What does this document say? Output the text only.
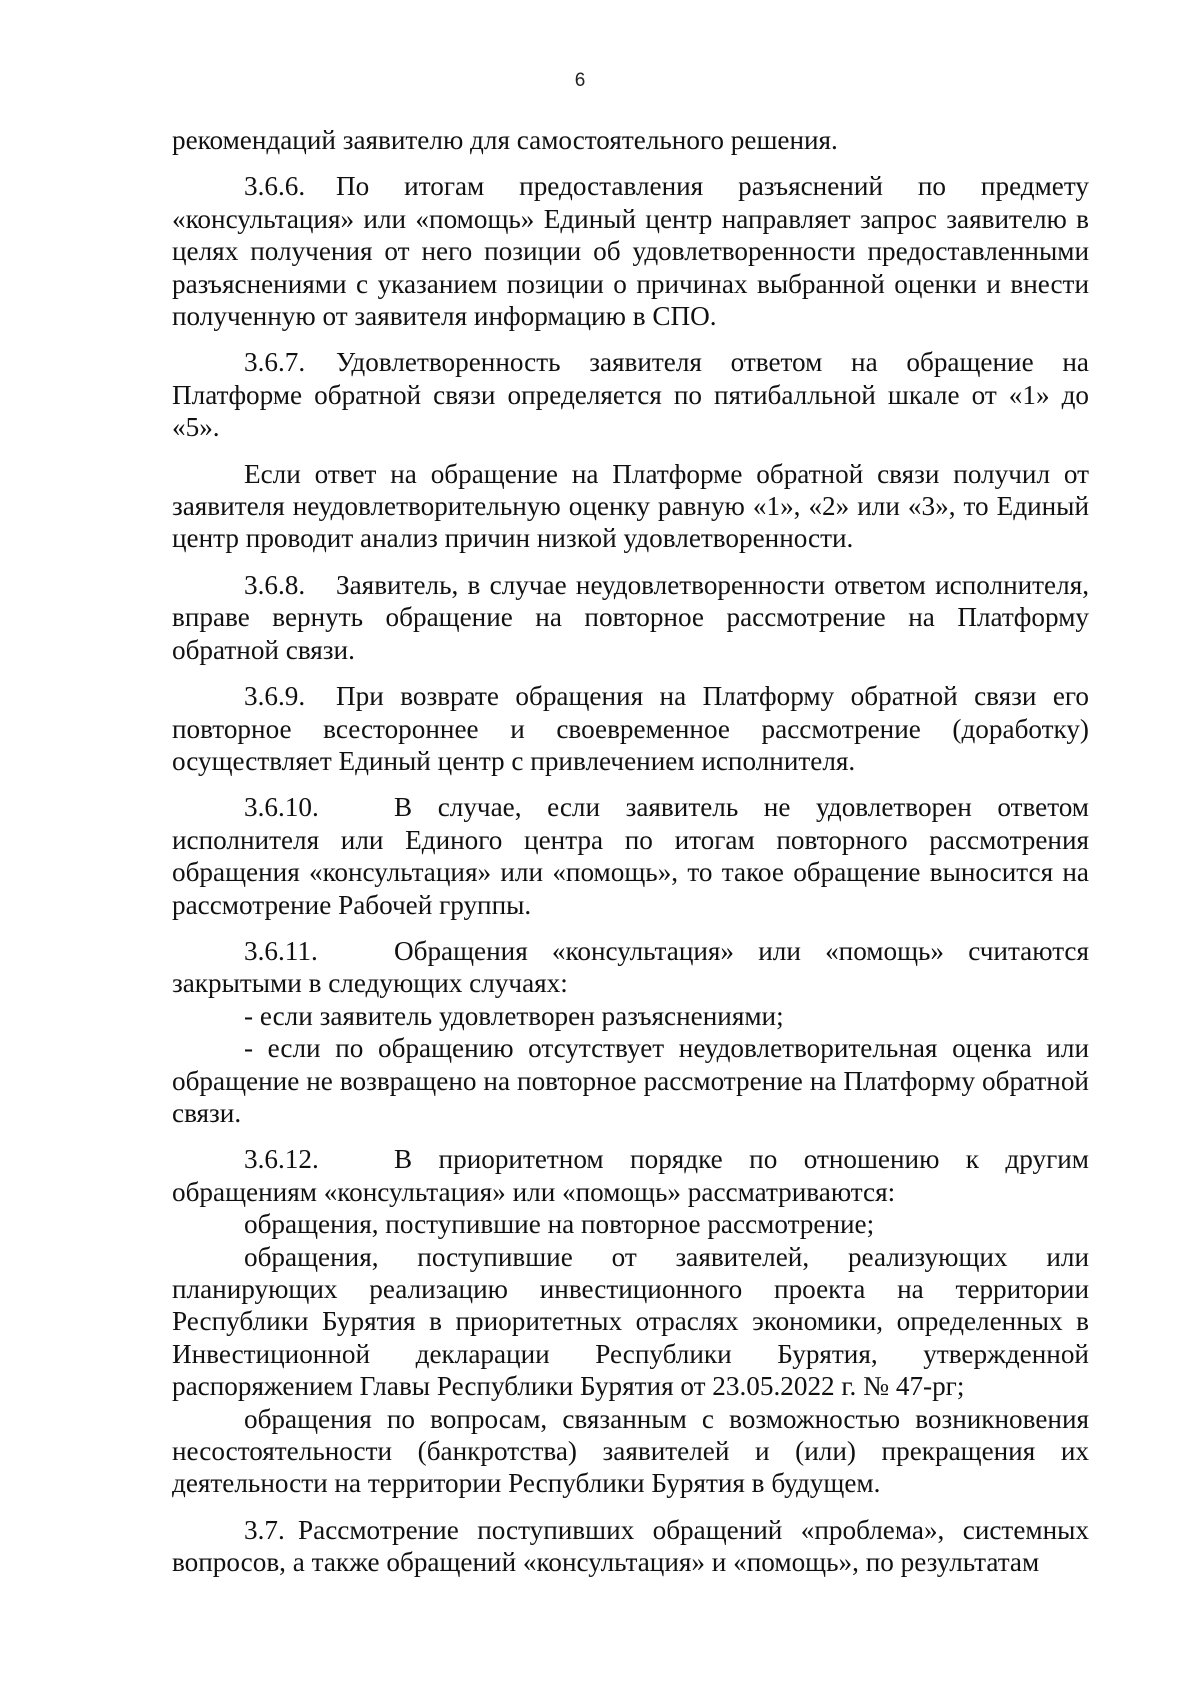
6

рекомендаций заявителю для самостоятельного решения.

3.6.6. По итогам предоставления разъяснений по предмету «консультация» или «помощь» Единый центр направляет запрос заявителю в целях получения от него позиции об удовлетворенности предоставленными разъяснениями с указанием позиции о причинах выбранной оценки и внести полученную от заявителя информацию в СПО.

3.6.7. Удовлетворенность заявителя ответом на обращение на Платформе обратной связи определяется по пятибалльной шкале от «1» до «5».

Если ответ на обращение на Платформе обратной связи получил от заявителя неудовлетворительную оценку равную «1», «2» или «3», то Единый центр проводит анализ причин низкой удовлетворенности.

3.6.8. Заявитель, в случае неудовлетворенности ответом исполнителя, вправе вернуть обращение на повторное рассмотрение на Платформу обратной связи.

3.6.9. При возврате обращения на Платформу обратной связи его повторное всестороннее и своевременное рассмотрение (доработку) осуществляет Единый центр с привлечением исполнителя.

3.6.10.	В случае, если заявитель не удовлетворен ответом исполнителя или Единого центра по итогам повторного рассмотрения обращения «консультация» или «помощь», то такое обращение выносится на рассмотрение Рабочей группы.

3.6.11.	Обращения «консультация» или «помощь» считаются закрытыми в следующих случаях:

- если заявитель удовлетворен разъяснениями;

- если по обращению отсутствует неудовлетворительная оценка или обращение не возвращено на повторное рассмотрение на Платформу обратной связи.

3.6.12.	В приоритетном порядке по отношению к другим обращениям «консультация» или «помощь» рассматриваются:

обращения, поступившие на повторное рассмотрение;

обращения, поступившие от заявителей, реализующих или планирующих реализацию инвестиционного проекта на территории Республики Бурятия в приоритетных отраслях экономики, определенных в Инвестиционной декларации Республики Бурятия, утвержденной распоряжением Главы Республики Бурятия от 23.05.2022 г. № 47-рг;

обращения по вопросам, связанным с возможностью возникновения несостоятельности (банкротства) заявителей и (или) прекращения их деятельности на территории Республики Бурятия в будущем.

3.7. Рассмотрение поступивших обращений «проблема», системных вопросов, а также обращений «консультация» и «помощь», по результатам
